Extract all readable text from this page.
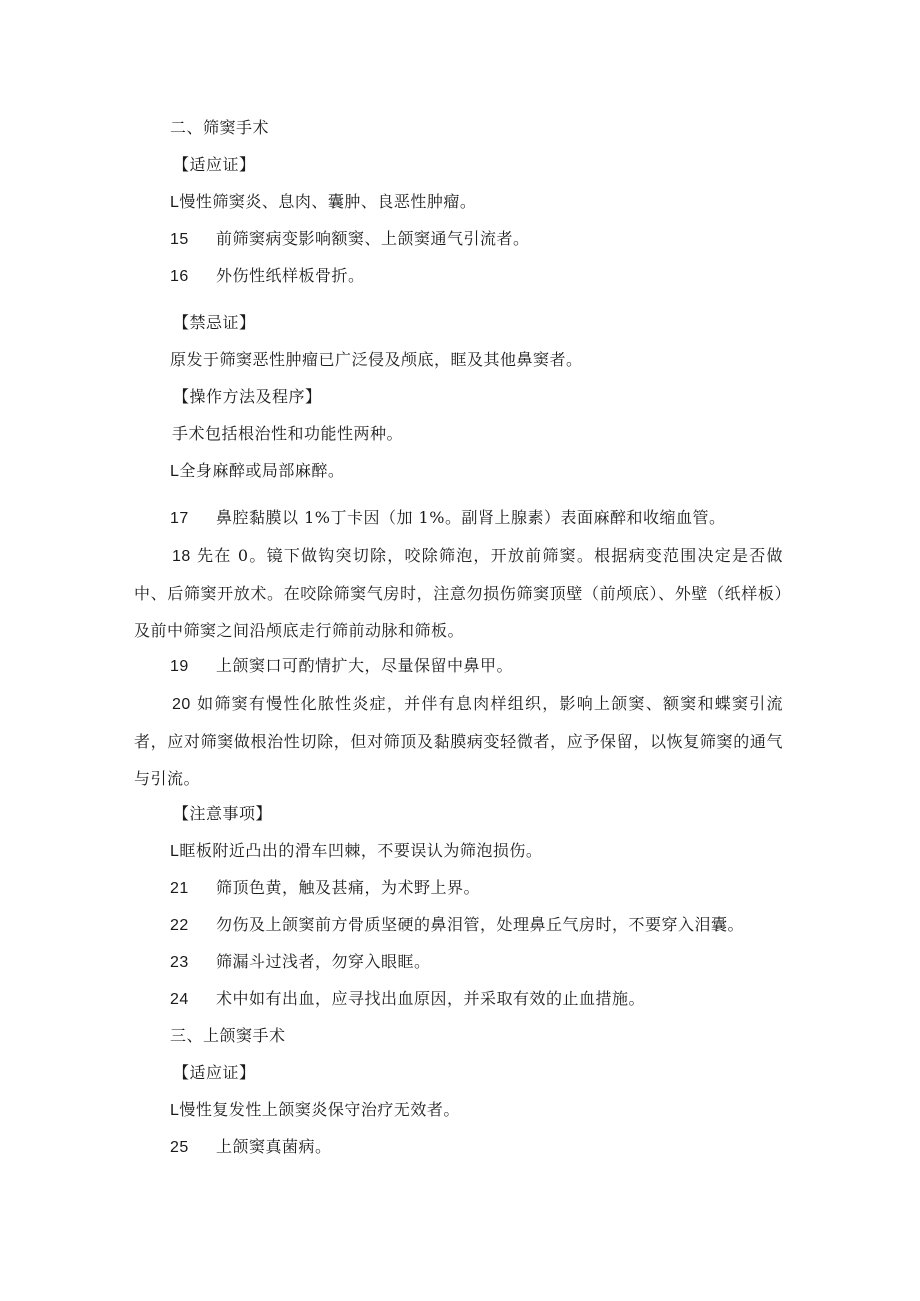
二、筛窦手术
【适应证】
L慢性筛窦炎、息肉、囊肿、良恶性肿瘤。
15 前筛窦病变影响额窦、上颌窦通气引流者。
16 外伤性纸样板骨折。
【禁忌证】
原发于筛窦恶性肿瘤已广泛侵及颅底，眶及其他鼻窦者。
【操作方法及程序】
手术包括根治性和功能性两种。
L全身麻醉或局部麻醉。
17 鼻腔黏膜以 1%丁卡因（加 1%。副肾上腺素）表面麻醉和收缩血管。
18 先在 0。镜下做钩突切除，咬除筛泡，开放前筛窦。根据病变范围决定是否做中、后筛窦开放术。在咬除筛窦气房时，注意勿损伤筛窦顶壁（前颅底）、外壁（纸样板）及前中筛窦之间沿颅底走行筛前动脉和筛板。
19 上颌窦口可酌情扩大，尽量保留中鼻甲。
20 如筛窦有慢性化脓性炎症，并伴有息肉样组织，影响上颌窦、额窦和蝶窦引流者，应对筛窦做根治性切除，但对筛顶及黏膜病变轻微者，应予保留，以恢复筛窦的通气与引流。
【注意事项】
L眶板附近凸出的滑车凹棘，不要误认为筛泡损伤。
21 筛顶色黄，触及甚痛，为术野上界。
22 勿伤及上颌窦前方骨质坚硬的鼻泪管，处理鼻丘气房时，不要穿入泪囊。
23 筛漏斗过浅者，勿穿入眼眶。
24 术中如有出血，应寻找出血原因，并采取有效的止血措施。
三、上颌窦手术
【适应证】
L慢性复发性上颌窦炎保守治疗无效者。
25 上颌窦真菌病。
